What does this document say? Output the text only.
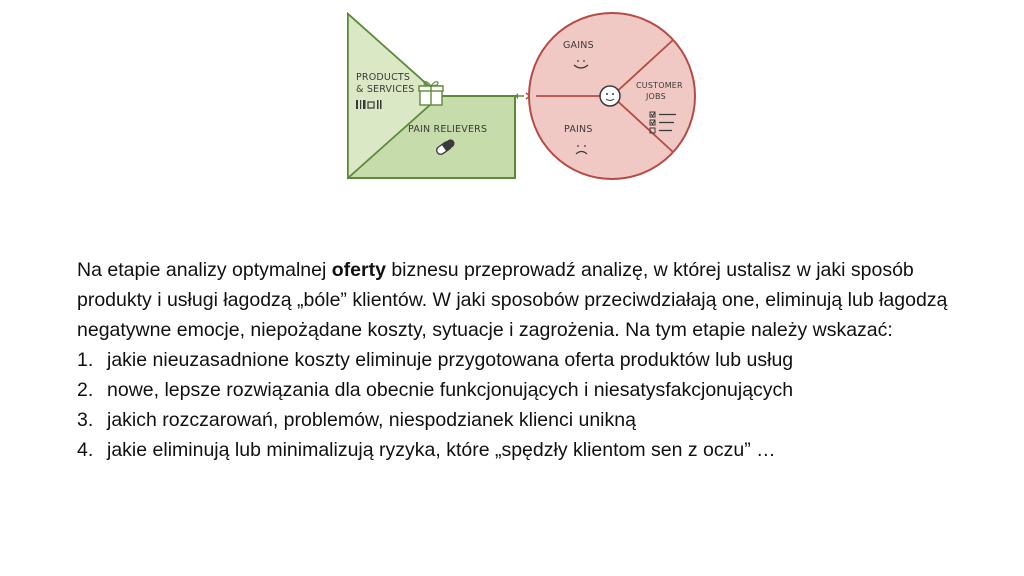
PRODUCTS
& SERVICES
PAIN RELIEVERS
GAINS
PAINS
CUSTOMER
JOBS

Na etapie analizy optymalnej oferty biznesu przeprowadź analizę, w której ustalisz w jaki sposób produkty i usługi łagodzą „bóle” klientów. W jaki sposobów przeciwdziałają one, eliminują lub łagodzą negatywne emocje, niepożądane koszty, sytuacje i zagrożenia. Na tym etapie należy wskazać:

1. jakie nieuzasadnione koszty eliminuje przygotowana oferta produktów lub usług
2. nowe, lepsze rozwiązania dla obecnie funkcjonujących i niesatysfakcjonujących
3. jakich rozczarowań, problemów, niespodzianek klienci unikną
4. jakie eliminują lub minimalizują ryzyka, które „spędzły klientom sen z oczu” …
